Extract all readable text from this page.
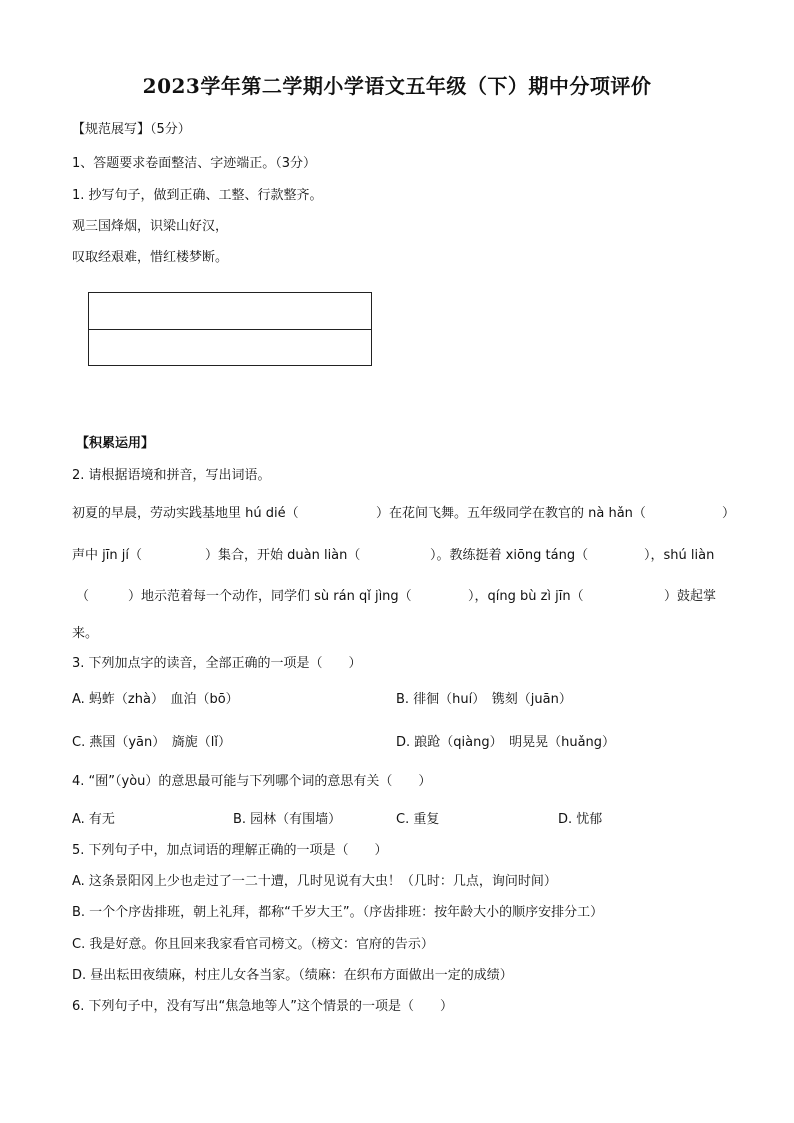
2023学年第二学期小学语文五年级（下）期中分项评价
【规范展写】（5分）
1、答题要求卷面整洁、字迹端正。（3分）
1. 抄写句子，做到正确、工整、行款整齐。
观三国烽烟，识梁山好汉，
叹取经艰难，惜红楼梦断。
【积累运用】
2. 请根据语境和拼音，写出词语。
初夏的早晨，劳动实践基地里 hú dié（	）在花间飞舞。五年级同学在教官的 nà hǎn（	）
声中 jīn jí（	）集合，开始 duàn liàn（	）。教练挺着 xiōng táng（	），shú liàn
（	）地示范着每一个动作，同学们 sù rán qǐ jìng（	），qíng bù zì jīn（	）鼓起掌
来。
3. 下列加点字的读音，全部正确的一项是（　　）
A. 蚂蚱（zhà）　血泊（bō）	B. 徘徊（huí）　镌刻（juān）
C. 燕国（yān）　旖旎（lǐ）	D. 踉跄（qiàng）　明晃晃（huǎng）
4. “囿”（yòu）的意思最可能与下列哪个词的意思有关（　　）
A. 有无	B. 园林（有围墙）	C. 重复	D. 忧郁
5. 下列句子中，加点词语的理解正确的一项是（　　）
A. 这条景阳冈上少也走过了一二十遭，几时见说有大虫！（几时：几点，询问时间）
B. 一个个序齿排班，朝上礼拜，都称“千岁大王”。（序齿排班：按年龄大小的顺序安排分工）
C. 我是好意。你且回来我家看官司榜文。（榜文：官府的告示）
D. 昼出耘田夜绩麻，村庄儿女各当家。（绩麻：在织布方面做出一定的成绩）
6. 下列句子中，没有写出“焦急地等人”这个情景的一项是（　　）
